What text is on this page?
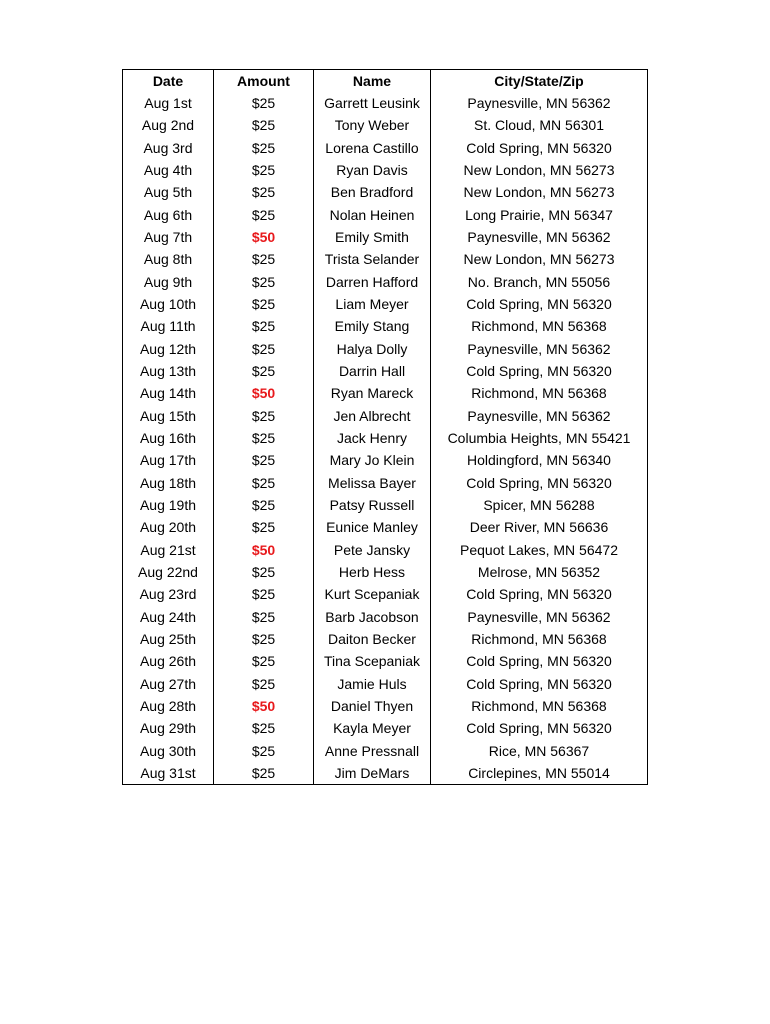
Date	Amount	Name	City/State/Zip
Aug 1st	$25	Garrett Leusink	Paynesville, MN 56362
Aug 2nd	$25	Tony Weber	St. Cloud, MN 56301
Aug 3rd	$25	Lorena Castillo	Cold Spring, MN 56320
Aug 4th	$25	Ryan Davis	New London, MN 56273
Aug 5th	$25	Ben Bradford	New London, MN 56273
Aug 6th	$25	Nolan Heinen	Long Prairie, MN 56347
Aug 7th	$50	Emily Smith	Paynesville, MN 56362
Aug 8th	$25	Trista Selander	New London, MN 56273
Aug 9th	$25	Darren Hafford	No. Branch, MN 55056
Aug 10th	$25	Liam Meyer	Cold Spring, MN 56320
Aug 11th	$25	Emily Stang	Richmond, MN 56368
Aug 12th	$25	Halya Dolly	Paynesville, MN 56362
Aug 13th	$25	Darrin Hall	Cold Spring, MN 56320
Aug 14th	$50	Ryan Mareck	Richmond, MN 56368
Aug 15th	$25	Jen Albrecht	Paynesville, MN 56362
Aug 16th	$25	Jack Henry	Columbia Heights, MN 55421
Aug 17th	$25	Mary Jo Klein	Holdingford, MN 56340
Aug 18th	$25	Melissa Bayer	Cold Spring, MN 56320
Aug 19th	$25	Patsy Russell	Spicer, MN 56288
Aug 20th	$25	Eunice Manley	Deer River, MN 56636
Aug 21st	$50	Pete Jansky	Pequot Lakes, MN 56472
Aug 22nd	$25	Herb Hess	Melrose, MN 56352
Aug 23rd	$25	Kurt Scepaniak	Cold Spring, MN 56320
Aug 24th	$25	Barb Jacobson	Paynesville, MN 56362
Aug 25th	$25	Daiton Becker	Richmond, MN 56368
Aug 26th	$25	Tina Scepaniak	Cold Spring, MN 56320
Aug 27th	$25	Jamie Huls	Cold Spring, MN 56320
Aug 28th	$50	Daniel Thyen	Richmond, MN 56368
Aug 29th	$25	Kayla Meyer	Cold Spring, MN 56320
Aug 30th	$25	Anne Pressnall	Rice, MN 56367
Aug 31st	$25	Jim DeMars	Circlepines, MN 55014
